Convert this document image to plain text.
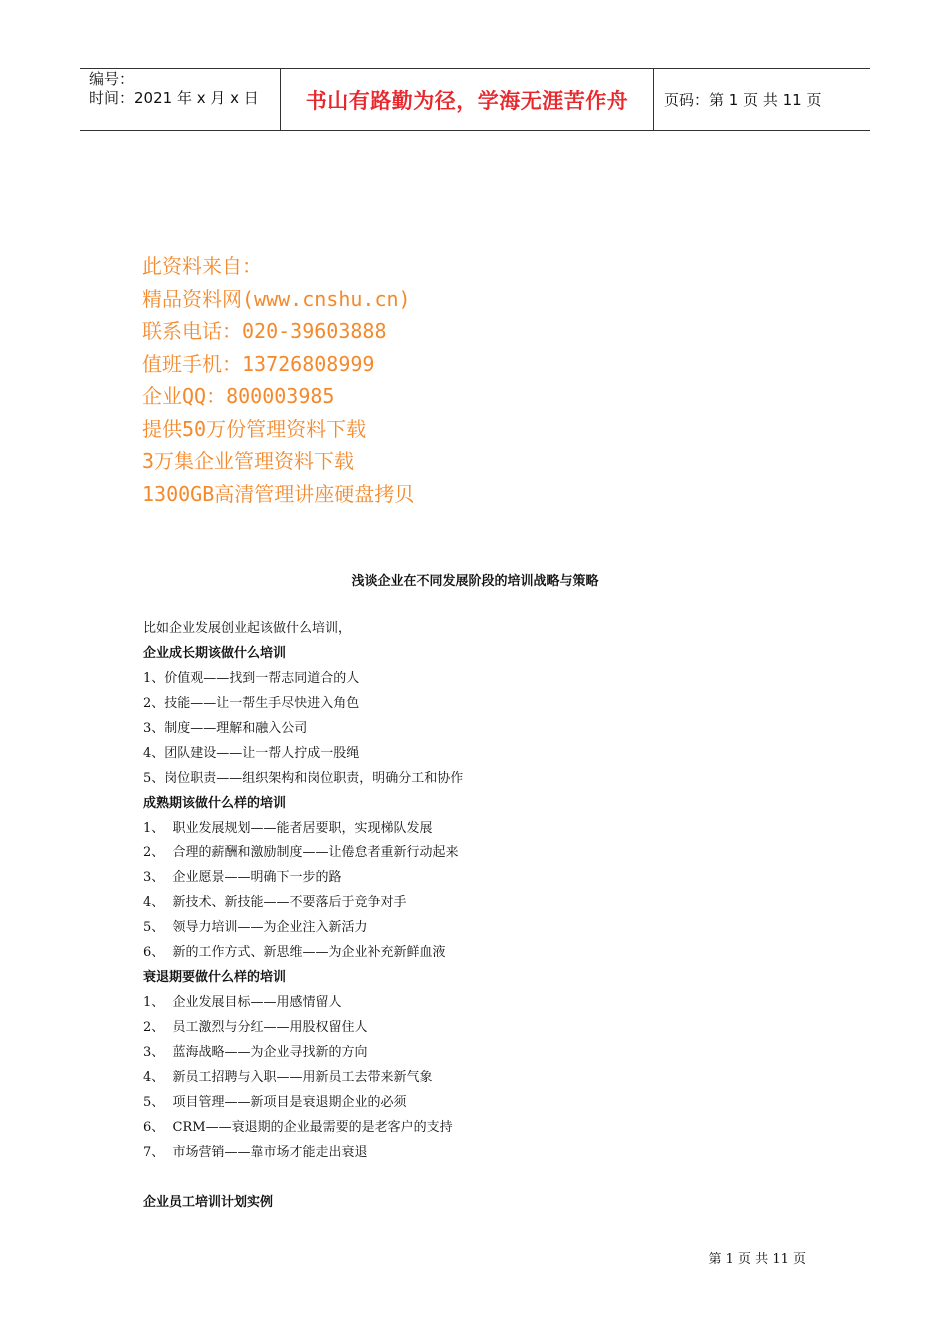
编号：
时间：2021 年 x 月 x 日 书山有路勤为径，学海无涯苦作舟 页码：第 1 页 共 11 页
此资料来自：
精品资料网(www.cnshu.cn)
联系电话：020-39603888
值班手机：13726808999
企业QQ：800003985
提供50万份管理资料下载
3万集企业管理资料下载
1300GB高清管理讲座硬盘拷贝
浅谈企业在不同发展阶段的培训战略与策略
比如企业发展创业起该做什么培训，
企业成长期该做什么培训
1、价值观——找到一帮志同道合的人
2、技能——让一帮生手尽快进入角色
3、制度——理解和融入公司
4、团队建设——让一帮人拧成一股绳
5、岗位职责——组织架构和岗位职责，明确分工和协作
成熟期该做什么样的培训
1、  职业发展规划——能者居要职，实现梯队发展
2、  合理的薪酬和激励制度——让倦怠者重新行动起来
3、  企业愿景——明确下一步的路
4、  新技术、新技能——不要落后于竞争对手
5、  领导力培训——为企业注入新活力
6、  新的工作方式、新思维——为企业补充新鲜血液
衰退期要做什么样的培训
1、  企业发展目标——用感情留人
2、  员工激烈与分红——用股权留住人
3、  蓝海战略——为企业寻找新的方向
4、  新员工招聘与入职——用新员工去带来新气象
5、  项目管理——新项目是衰退期企业的必须
6、  CRM——衰退期的企业最需要的是老客户的支持
7、  市场营销——靠市场才能走出衰退
企业员工培训计划实例
第 1 页 共 11 页
